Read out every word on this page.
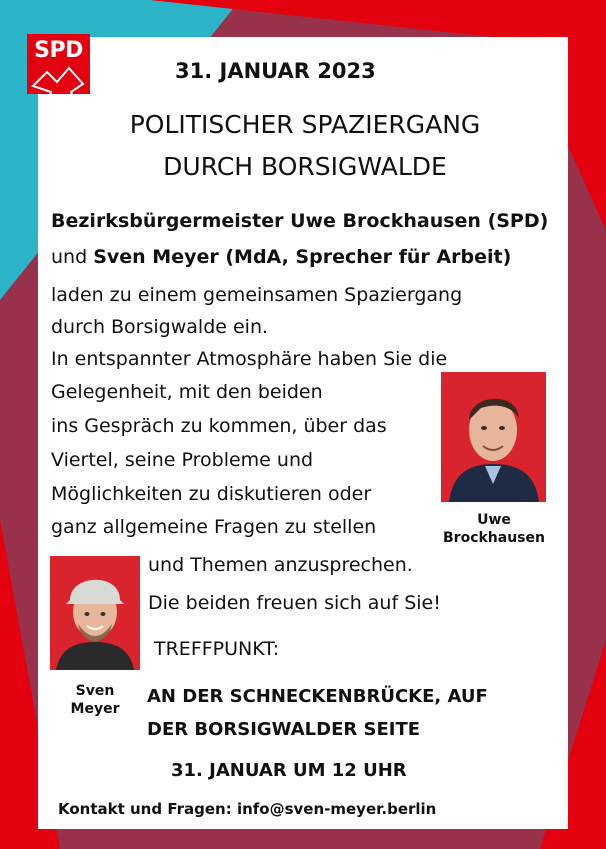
SPD
31. JANUAR 2023
POLITISCHER SPAZIERGANG
DURCH BORSIGWALDE
Bezirksbürgermeister Uwe Brockhausen (SPD)
und Sven Meyer (MdA, Sprecher für Arbeit)
laden zu einem gemeinsamen Spaziergang
durch Borsigwalde ein.
In entspannter Atmosphäre haben Sie die
Gelegenheit, mit den beiden
ins Gespräch zu kommen, über das
Viertel, seine Probleme und
Möglichkeiten zu diskutieren oder
ganz allgemeine Fragen zu stellen
und Themen anzusprechen.
Die beiden freuen sich auf Sie!
Uwe
Brockhausen
Sven
Meyer
TREFFPUNKT:
AN DER SCHNECKENBRÜCKE, AUF
DER BORSIGWALDER SEITE
31. JANUAR UM 12 UHR
Kontakt und Fragen: info@sven-meyer.berlin
